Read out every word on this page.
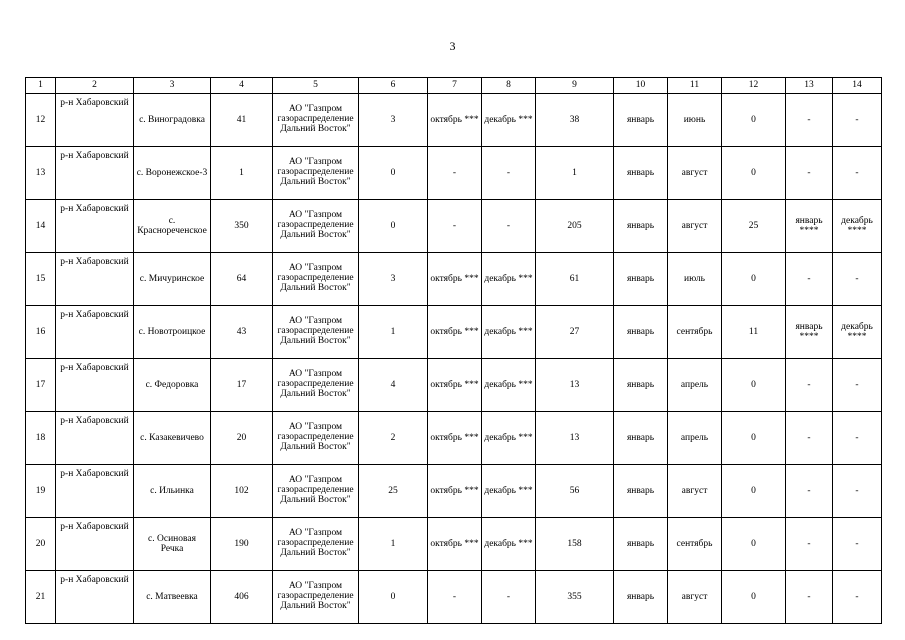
3
1	2	3	4	5	6	7	8	9	10	11	12	13	14
12	р-н Хабаровский	с. Виноградовка	41	АО "Газпром газораспределение Дальний Восток"	3	октябрь ***	декабрь ***	38	январь	июнь	0	-	-
13	р-н Хабаровский	с. Воронежское-3	1	АО "Газпром газораспределение Дальний Восток"	0	-	-	1	январь	август	0	-	-
14	р-н Хабаровский	с. Краснореченское	350	АО "Газпром газораспределение Дальний Восток"	0	-	-	205	январь	август	25	январь ****	декабрь ****
15	р-н Хабаровский	с. Мичуринское	64	АО "Газпром газораспределение Дальний Восток"	3	октябрь ***	декабрь ***	61	январь	июль	0	-	-
16	р-н Хабаровский	с. Новотроицкое	43	АО "Газпром газораспределение Дальний Восток"	1	октябрь ***	декабрь ***	27	январь	сентябрь	11	январь ****	декабрь ****
17	р-н Хабаровский	с. Федоровка	17	АО "Газпром газораспределение Дальний Восток"	4	октябрь ***	декабрь ***	13	январь	апрель	0	-	-
18	р-н Хабаровский	с. Казакевичево	20	АО "Газпром газораспределение Дальний Восток"	2	октябрь ***	декабрь ***	13	январь	апрель	0	-	-
19	р-н Хабаровский	с. Ильинка	102	АО "Газпром газораспределение Дальний Восток"	25	октябрь ***	декабрь ***	56	январь	август	0	-	-
20	р-н Хабаровский	с. Осиновая Речка	190	АО "Газпром газораспределение Дальний Восток"	1	октябрь ***	декабрь ***	158	январь	сентябрь	0	-	-
21	р-н Хабаровский	с. Матвеевка	406	АО "Газпром газораспределение Дальний Восток"	0	-	-	355	январь	август	0	-	-
